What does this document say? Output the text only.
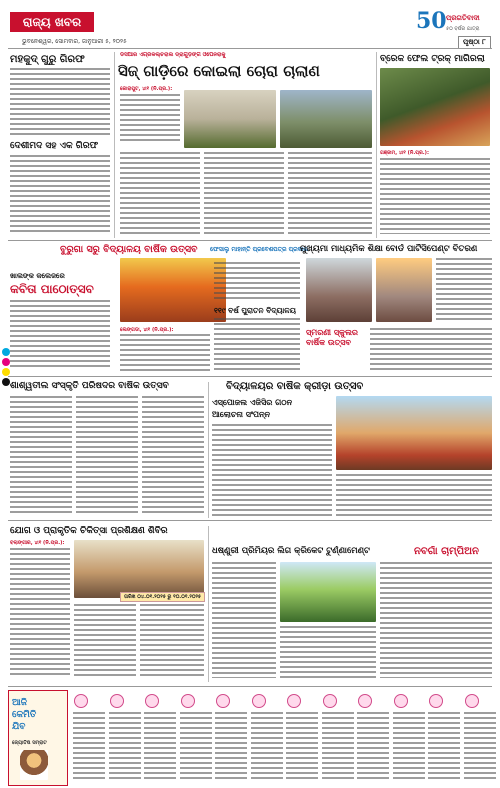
ରାଜ୍ୟ ଖବର
ଭୁବନେଶ୍ୱର, ସୋମବାର, ଜାନୁଆରୀ ୫, ୨୦୨୫
50 ପ୍ରଗତିବାଦୀ
୫୦ ବର୍ଷର ଯାତ୍ରା
ପୃଷ୍ଠା ୮
ମହକୁଦ୍ ଗୁରୁ ଗିରଫ
ଦେଶୀମଦ ସହ ଏକ ଗିରଫ
ଡିସିଆର ଏଗ୍ରିକଲ୍ଚରାଲ ଡ୍ରାଗୁଡ଼ିଙ୍ଗ ଓପେନରାକୁ
ସିଜ୍ ଗାଡ଼ିରେ କୋଇଲା ଚୋରା ଚାଲାଣ
କୋରାପୁଟ, ୪ା୧ (ନି.ପ୍ର.):
ବ୍ରେକ ଫେଲ ଟ୍ରକ୍ ମାଗିରଲା
ଗଞ୍ଜାମ, ୪ା୧ (ନି.ପ୍ର.):
ବୁରୁଗା ସରୁ ବିଦ୍ୟାଳୟ ବାର୍ଷିକ ଉତ୍ସବ	ଫେସାଲୁ ମାହାନ୍ତି ପ୍ରବେଶପତ୍ର ପ୍ରକାଶ
ମୁଖ୍ୟମା ମାଧ୍ୟମିକ ଶିକ୍ଷା ବୋର୍ଡ ପାର୍ଟିସିପେଣ୍ଟ ବିତରଣ
ଖାଲଙ୍କ କଲେଜରେ
କବିତା ପାଠୋତ୍ସବ
ଲେଙ୍ଗଡା, ୪ା୧ (ନି.ପ୍ର.):
୧୧୯ ବର୍ଷ ପୁରାତନ ବିଦ୍ୟାଳୟ
ସ୍ମରଣୀ ସ୍କୁଲର ବାର୍ଷିକ ଉତ୍ସବ
ଶାଶ୍ୱତୀଲ ସଂସ୍କୃତି ପରିଷଦର ବାର୍ଷିକ ଉତ୍ସବ	ବିଦ୍ୟାଳୟର ବାର୍ଷିକ କ୍ରୀଡ଼ା ଉତ୍ସବ
ଏସ୍ପୋଜଲ ଏଜିସିର ଗଠନ
ଆଲୋଚନା ସଂପନ୍ନ
ଯୋଗ ଓ ପ୍ରାକୃତିକ ଚିକିତ୍ସା ପ୍ରଶିକ୍ଷଣ ଶିବିର
ଧଷ୍ଣୁରୀ ପ୍ରିମିୟର ଲିଗ କ୍ରିକେଟ ଟୁର୍ଣ୍ଣାମେଣ୍ଟ	ନବଗାଁ ଚାମ୍ପିଅନ
ବଲାଙ୍ଗୀର, ୪ା୧ (ନି.ପ୍ର.):
ତାରିଖ ୦୪.୦୧.୨୦୨୫ ରୁ ୧୦.୦୧.୨୦୨୫
ଆଜି
କେମିତି
ଯିବ
ଜ୍ୟୋତିଷ ସମ୍ରାଟ
